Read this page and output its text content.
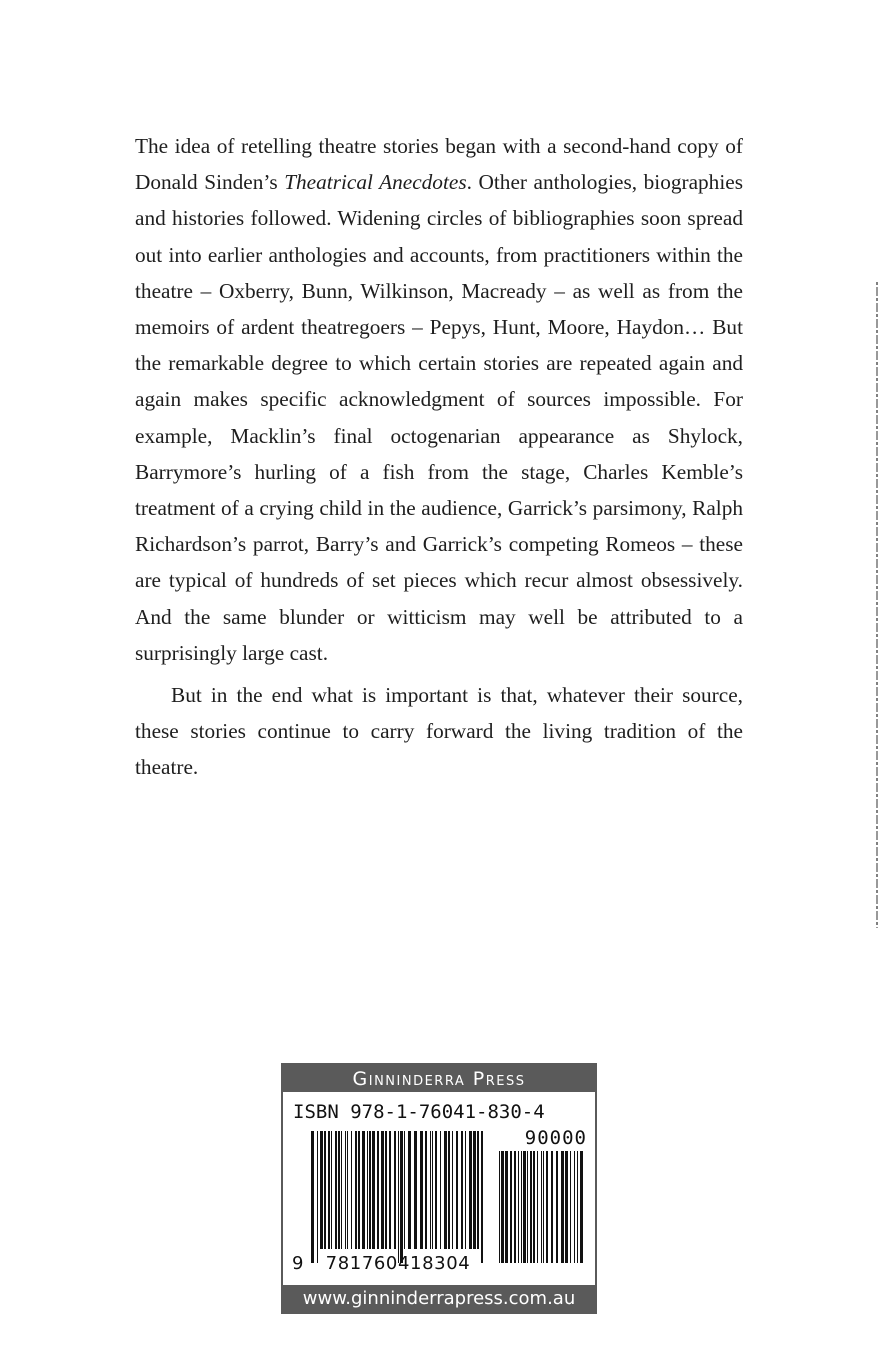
The idea of retelling theatre stories began with a second-hand copy of Donald Sinden’s Theatrical Anecdotes. Other anthologies, biographies and histories followed. Widening circles of bibliographies soon spread out into earlier anthologies and accounts, from practitioners within the theatre – Oxberry, Bunn, Wilkinson, Macready – as well as from the memoirs of ardent theatregoers – Pepys, Hunt, Moore, Haydon… But the remarkable degree to which certain stories are repeated again and again makes specific acknowledgment of sources impossible. For example, Macklin’s final octogenarian appearance as Shylock, Barrymore’s hurling of a fish from the stage, Charles Kemble’s treatment of a crying child in the audience, Garrick’s parsimony, Ralph Richardson’s parrot, Barry’s and Garrick’s competing Romeos – these are typical of hundreds of set pieces which recur almost obsessively. And the same blunder or witticism may well be attributed to a surprisingly large cast.

But in the end what is important is that, whatever their source, these stories continue to carry forward the living tradition of the theatre.

Ginninderra Press
ISBN 978-1-76041-830-4
90000
9	781760418304
www.ginninderrapress.com.au
